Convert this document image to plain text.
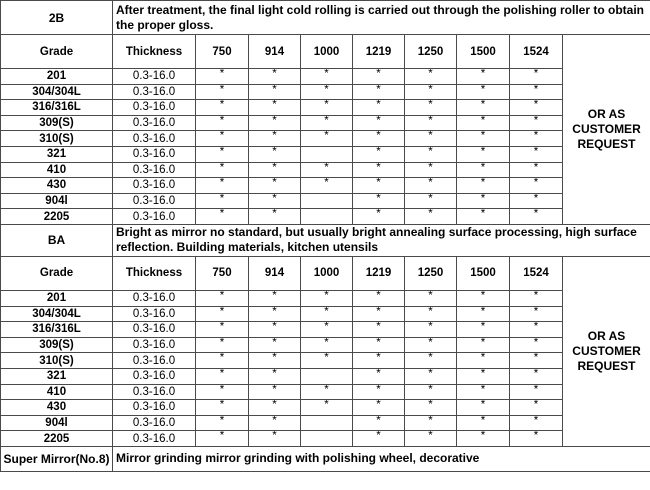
2B	After treatment, the final light cold rolling is carried out through the polishing roller to obtain the proper gloss.								
Grade	Thickness	750	914	1000	1219	1250	1500	1524	OR AS
CUSTOMER
REQUEST

201	0.3-16.0	*	*	*	*	*	*	*	
304/304L	0.3-16.0	*	*	*	*	*	*	*	
316/316L	0.3-16.0	*	*	*	*	*	*	*	
309(S)	0.3-16.0	*	*	*	*	*	*	*	
310(S)	0.3-16.0	*	*	*	*	*	*	*	
321	0.3-16.0	*	*		*	*	*	*	
410	0.3-16.0	*	*	*	*	*	*	*	
430	0.3-16.0	*	*	*	*	*	*	*	
904l	0.3-16.0	*	*		*	*	*	*	
2205	0.3-16.0	*	*		*	*	*	*	
BA	Bright as mirror no standard, but usually bright annealing surface processing, high surface reflection. Building materials, kitchen utensils								
Grade	Thickness	750	914	1000	1219	1250	1500	1524	OR AS
CUSTOMER
REQUEST

201	0.3-16.0	*	*	*	*	*	*	*	
304/304L	0.3-16.0	*	*	*	*	*	*	*	
316/316L	0.3-16.0	*	*	*	*	*	*	*	
309(S)	0.3-16.0	*	*	*	*	*	*	*	
310(S)	0.3-16.0	*	*	*	*	*	*	*	
321	0.3-16.0	*	*		*	*	*	*	
410	0.3-16.0	*	*	*	*	*	*	*	
430	0.3-16.0	*	*	*	*	*	*	*	
904l	0.3-16.0	*	*		*	*	*	*	
2205	0.3-16.0	*	*		*	*	*	*	
Super Mirror(No.8)	Mirror grinding mirror grinding with polishing wheel, decorative								
